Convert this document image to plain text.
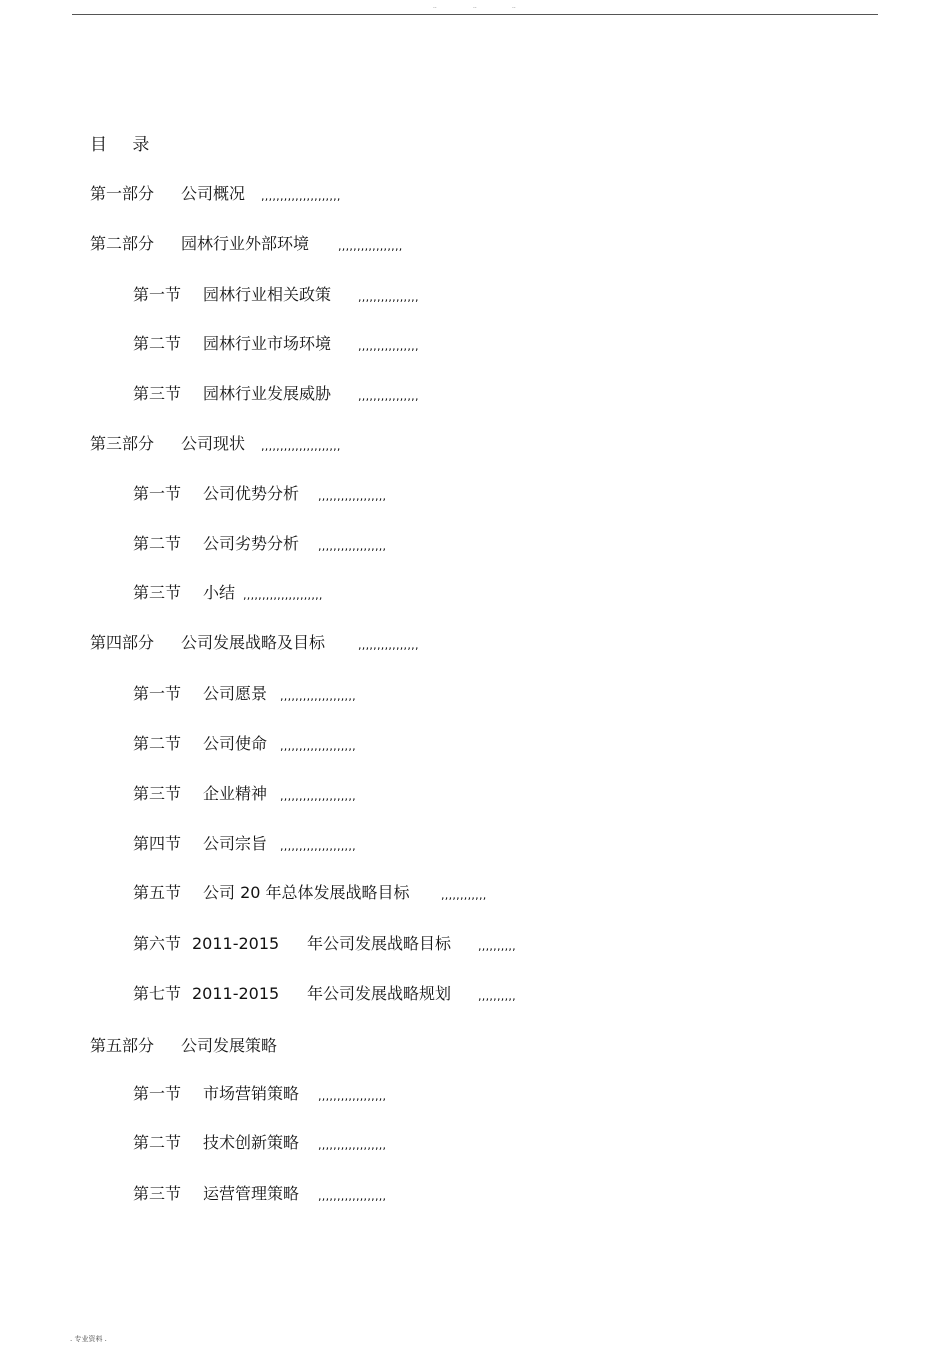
..	..	..
目 录
第一部分 公司概况 ,,,,,,,,,,,,,,,,,,,,,
第二部分 园林行业外部环境	,,,,,,,,,,,,,,,,,
第一节 园林行业相关政策 ,,,,,,,,,,,,,,,,
第二节 园林行业市场环境 ,,,,,,,,,,,,,,,,
第三节 园林行业发展威胁 ,,,,,,,,,,,,,,,,
第三部分 公司现状 ,,,,,,,,,,,,,,,,,,,,,
第一节 公司优势分析 ,,,,,,,,,,,,,,,,,,
第二节 公司劣势分析 ,,,,,,,,,,,,,,,,,,
第三节 小结 ,,,,,,,,,,,,,,,,,,,,,
第四部分 公司发展战略及目标	,,,,,,,,,,,,,,,,
第一节 公司愿景 ,,,,,,,,,,,,,,,,,,,,
第二节 公司使命 ,,,,,,,,,,,,,,,,,,,,
第三节 企业精神 ,,,,,,,,,,,,,,,,,,,,
第四节 公司宗旨 ,,,,,,,,,,,,,,,,,,,,
第五节 公司 20 年总体发展战略目标	,,,,,,,,,,,,
第六节 2011-2015 年公司发展战略目标 ,,,,,,,,,,
第七节 2011-2015 年公司发展战略规划 ,,,,,,,,,,
第五部分 公司发展策略
第一节 市场营销策略 ,,,,,,,,,,,,,,,,,,
第二节 技术创新策略 ,,,,,,,,,,,,,,,,,,
第三节 运营管理策略 ,,,,,,,,,,,,,,,,,,
. 专业资料 .
